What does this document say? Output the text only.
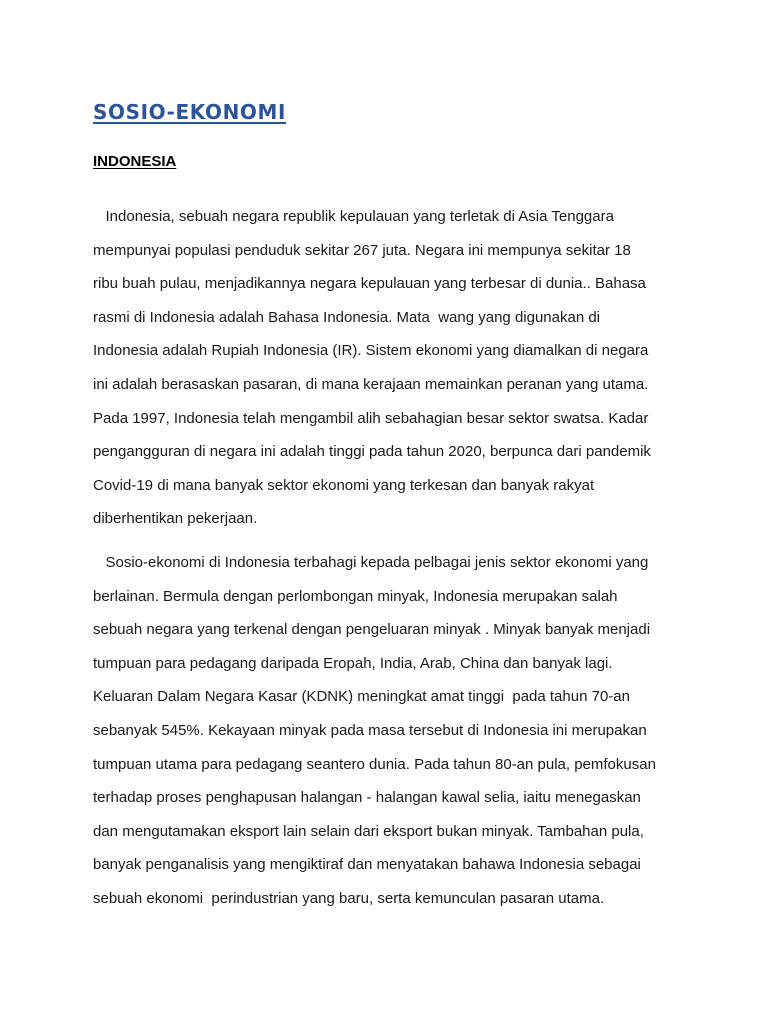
SOSIO-EKONOMI
INDONESIA
Indonesia, sebuah negara republik kepulauan yang terletak di Asia Tenggara
mempunyai populasi penduduk sekitar 267 juta. Negara ini mempunya sekitar 18
ribu buah pulau, menjadikannya negara kepulauan yang terbesar di dunia.. Bahasa
rasmi di Indonesia adalah Bahasa Indonesia. Mata  wang yang digunakan di
Indonesia adalah Rupiah Indonesia (IR). Sistem ekonomi yang diamalkan di negara
ini adalah berasaskan pasaran, di mana kerajaan memainkan peranan yang utama.
Pada 1997, Indonesia telah mengambil alih sebahagian besar sektor swatsa. Kadar
pengangguran di negara ini adalah tinggi pada tahun 2020, berpunca dari pandemik
Covid-19 di mana banyak sektor ekonomi yang terkesan dan banyak rakyat
diberhentikan pekerjaan.
Sosio-ekonomi di Indonesia terbahagi kepada pelbagai jenis sektor ekonomi yang
berlainan. Bermula dengan perlombongan minyak, Indonesia merupakan salah
sebuah negara yang terkenal dengan pengeluaran minyak . Minyak banyak menjadi
tumpuan para pedagang daripada Eropah, India, Arab, China dan banyak lagi.
Keluaran Dalam Negara Kasar (KDNK) meningkat amat tinggi  pada tahun 70-an
sebanyak 545%. Kekayaan minyak pada masa tersebut di Indonesia ini merupakan
tumpuan utama para pedagang seantero dunia. Pada tahun 80-an pula, pemfokusan
terhadap proses penghapusan halangan - halangan kawal selia, iaitu menegaskan
dan mengutamakan eksport lain selain dari eksport bukan minyak. Tambahan pula,
banyak penganalisis yang mengiktiraf dan menyatakan bahawa Indonesia sebagai
sebuah ekonomi  perindustrian yang baru, serta kemunculan pasaran utama.
